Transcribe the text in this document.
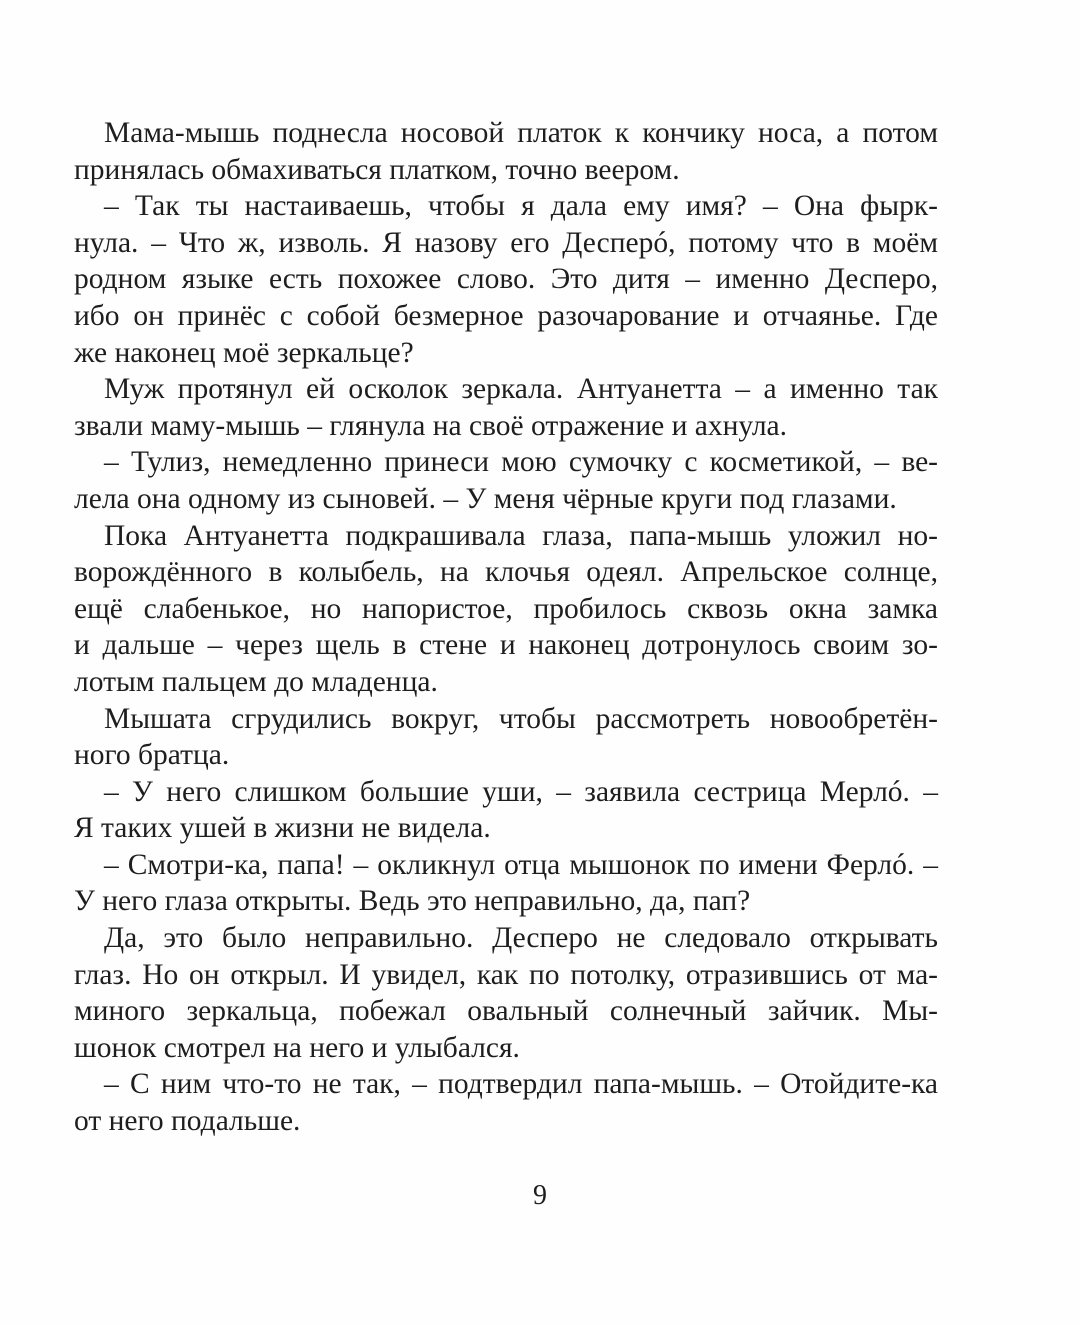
Мама-мышь поднесла носовой платок к кончику носа, а потом
принялась обмахиваться платком, точно веером.
– Так ты настаиваешь, чтобы я дала ему имя? – Она фырк-
нула. – Что ж, изволь. Я назову его Десперó, потому что в моём
родном языке есть похожее слово. Это дитя – именно Десперо,
ибо он принёс с собой безмерное разочарование и отчаянье. Где
же наконец моё зеркальце?
Муж протянул ей осколок зеркала. Антуанетта – а именно так
звали маму-мышь – глянула на своё отражение и ахнула.
– Тулиз, немедленно принеси мою сумочку с косметикой, – ве-
лела она одному из сыновей. – У меня чёрные круги под глазами.
Пока Антуанетта подкрашивала глаза, папа-мышь уложил но-
ворождённого в колыбель, на клочья одеял. Апрельское солнце,
ещё слабенькое, но напористое, пробилось сквозь окна замка
и дальше – через щель в стене и наконец дотронулось своим зо-
лотым пальцем до младенца.
Мышата сгрудились вокруг, чтобы рассмотреть новообретён-
ного братца.
– У него слишком большие уши, – заявила сестрица Мерлó. –
Я таких ушей в жизни не видела.
– Смотри-ка, папа! – окликнул отца мышонок по имени Ферлó. –
У него глаза открыты. Ведь это неправильно, да, пап?
Да, это было неправильно. Десперо не следовало открывать
глаз. Но он открыл. И увидел, как по потолку, отразившись от ма-
миного зеркальца, побежал овальный солнечный зайчик. Мы-
шонок смотрел на него и улыбался.
– С ним что-то не так, – подтвердил папа-мышь. – Отойдите-ка
от него подальше.
9
